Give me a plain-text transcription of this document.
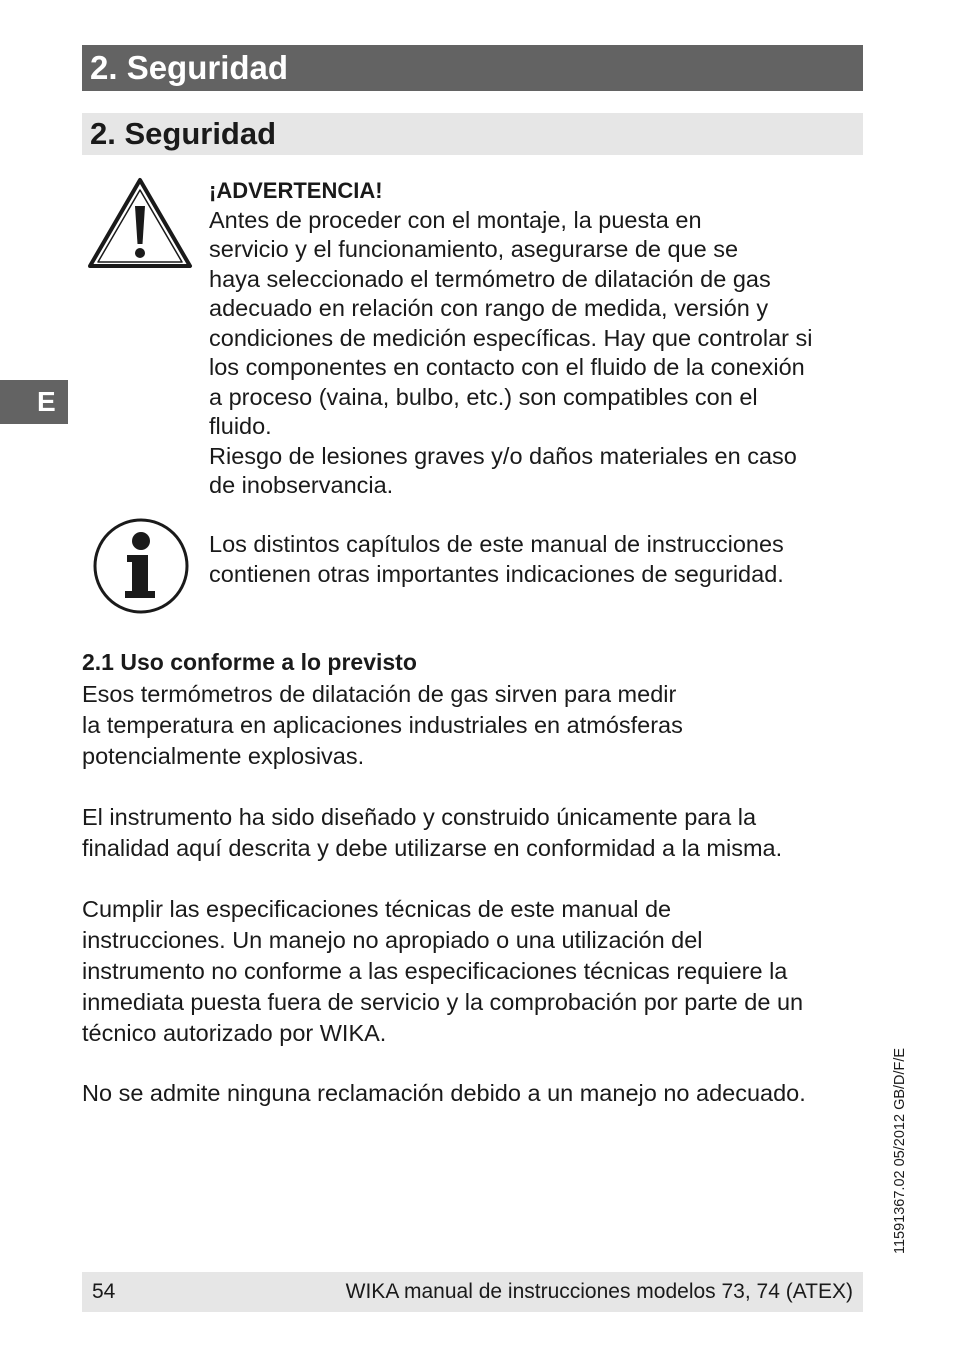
2. Seguridad
2. Seguridad
E
¡ADVERTENCIA!
Antes de proceder con el montaje, la puesta en
servicio y el funcionamiento, asegurarse de que se
haya seleccionado el termómetro de dilatación de gas
adecuado en relación con rango de medida, versión y
condiciones de medición específicas. Hay que controlar si
los componentes en contacto con el fluido de la conexión
a proceso (vaina, bulbo, etc.) son compatibles con el
fluido.
Riesgo de lesiones graves y/o daños materiales en caso
de inobservancia.
Los distintos capítulos de este manual de instrucciones
contienen otras importantes indicaciones de seguridad.
2.1 Uso conforme a lo previsto
Esos termómetros de dilatación de gas sirven para medir
la temperatura en aplicaciones industriales en atmósferas
potencialmente explosivas.
El instrumento ha sido diseñado y construido únicamente para la
finalidad aquí descrita y debe utilizarse en conformidad a la misma.
Cumplir las especificaciones técnicas de este manual de
instrucciones. Un manejo no apropiado o una utilización del
instrumento no conforme a las especificaciones técnicas requiere la
inmediata puesta fuera de servicio y la comprobación por parte de un
técnico autorizado por WIKA.
No se admite ninguna reclamación debido a un manejo no adecuado.	11591367.02 05/2012 GB/D/F/E
54	WIKA manual de instrucciones modelos 73, 74 (ATEX)
